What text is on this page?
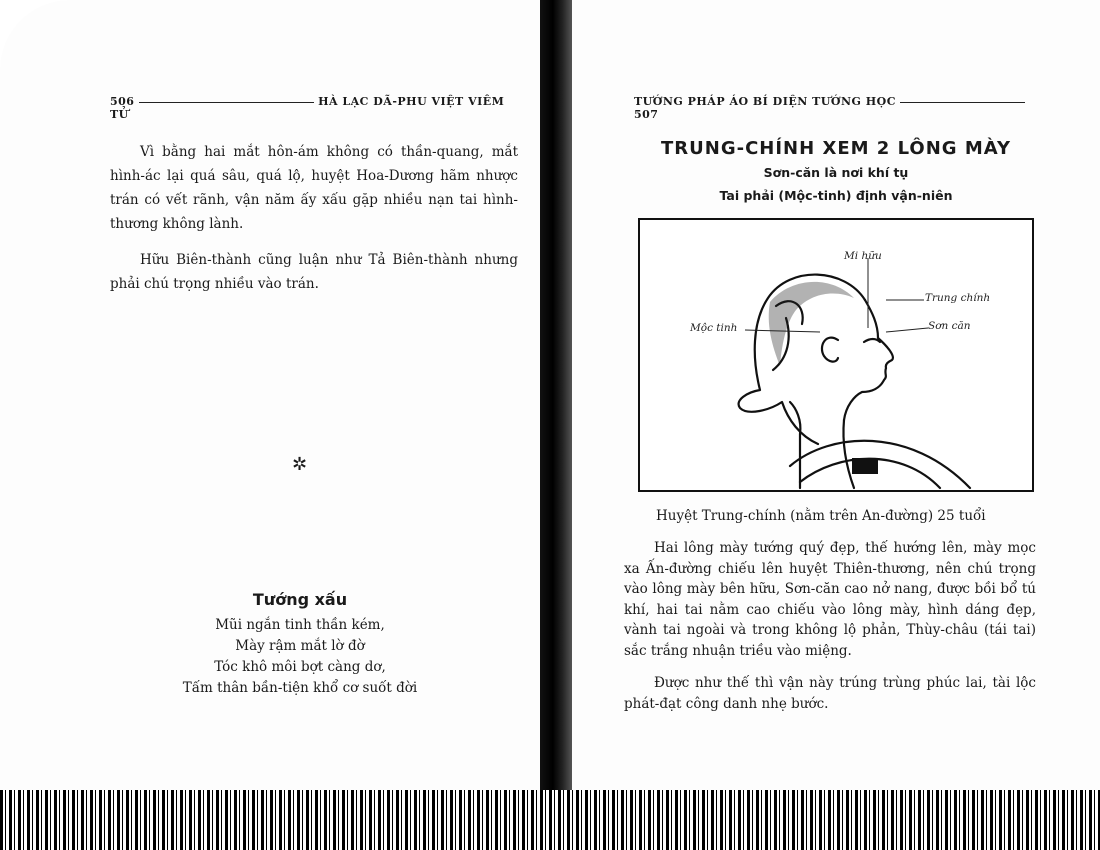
506	HÀ LẠC DÃ-PHU VIỆT VIÊM TỬ

Vì bằng hai mắt hôn-ám không có thần-quang, mắt hình-ác lại quá sâu, quá lộ, huyệt Hoa-Dương hãm nhược trán có vết rãnh, vận năm ấy xấu gặp nhiều nạn tai hình-thương không lành.

Hữu Biên-thành cũng luận như Tả Biên-thành nhưng phải chú trọng nhiều vào trán.

✲
Tướng xấu
Mũi ngắn tinh thần kém,
Mày rậm mắt lờ đờ
Tóc khô môi bợt càng dơ,
Tấm thân bần-tiện khổ cơ suốt đời
TƯỚNG PHÁP ÁO BÍ DIỆN TƯỚNG HỌC  507
TRUNG-CHÍNH XEM 2 LÔNG MÀY
Sơn-căn là nơi khí tụ
Tai phải (Mộc-tinh) định vận-niên
Mi hữu
Trung chính
Sơn căn
Mộc tinh
Huyệt Trung-chính (nằm trên An-đường) 25 tuổi

Hai lông mày tướng quý đẹp, thế hướng lên, mày mọc xa Ấn-đường chiếu lên huyệt Thiên-thương, nên chú trọng vào lông mày bên hữu, Sơn-căn cao nở nang, được bồi bổ tú khí, hai tai nằm cao chiếu vào lông mày, hình dáng đẹp, vành tai ngoài và trong không lộ phản, Thùy-châu (tái tai) sắc trắng nhuận triều vào miệng.

Được như thế thì vận này trúng trùng phúc lai, tài lộc phát-đạt công danh nhẹ bước.
